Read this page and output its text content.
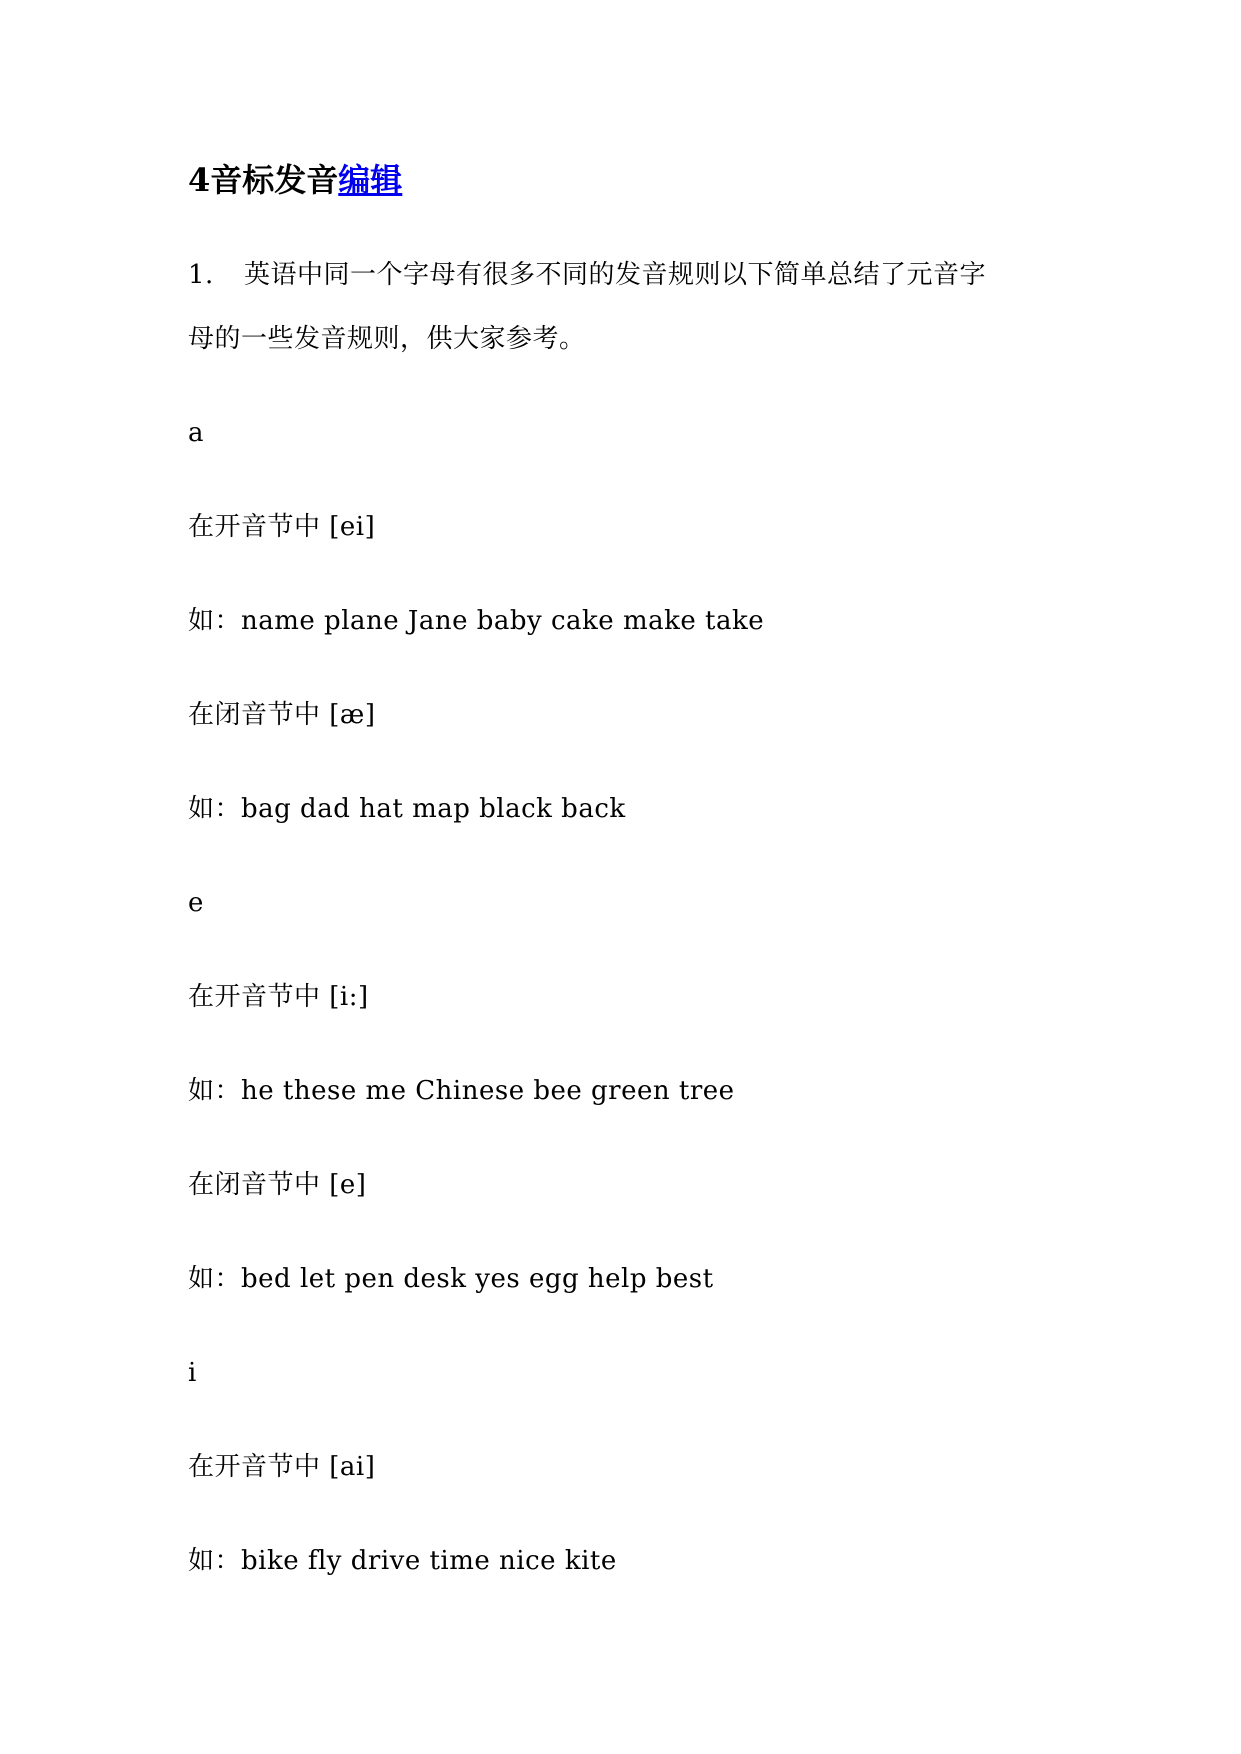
4音标发音编辑
1. 英语中同一个字母有很多不同的发音规则以下简单总结了元音字
母的一些发音规则，供大家参考。
a
在开音节中 [ei]
如：name plane Jane baby cake make take
在闭音节中 [æ]
如：bag dad hat map black back
e
在开音节中 [i:]
如：he these me Chinese bee green tree
在闭音节中 [e]
如：bed let pen desk yes egg help best
i
在开音节中 [ai]
如：bike fly drive time nice kite
